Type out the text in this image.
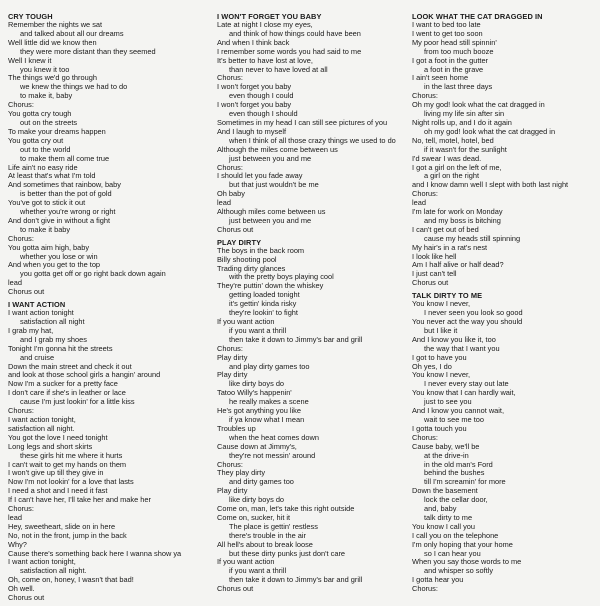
CRY TOUGH
Remember the nights we sat
and talked about all our dreams
Well little did we know then
they were more distant than they seemed
Well I knew it
you knew it too
The things we'd go through
we knew the things we had to do
to make it, baby
Chorus:
You gotta cry tough
out on the streets
To make your dreams happen
You gotta cry out
out to the world
to make them all come true
Life ain't no easy ride
At least that's what I'm told
And sometimes that rainbow, baby
is better than the pot of gold
You've got to stick it out
whether you're wrong or right
And don't give in without a fight
to make it baby
Chorus:
You gotta aim high, baby
whether you lose or win
And when you get to the top
you gotta get off or go right back down again
lead
Chorus out
I WANT ACTION
I want action tonight
satisfaction all night
I grab my hat,
and I grab my shoes
Tonight I'm gonna hit the streets
and cruise
Down the main street and check it out
and look at those school girls a hangin' around
Now I'm a sucker for a pretty face
I don't care if she's in leather or lace
cause I'm just lookin' for a little kiss
Chorus:
I want action tonight,
satisfaction all night.
You got the love I need tonight
Long legs and short skirts
these girls hit me where it hurts
I can't wait to get my hands on them
I won't give up till they give in
Now I'm not lookin' for a love that lasts
I need a shot and I need it fast
If I can't have her, I'll take her and make her
Chorus:
lead
Hey, sweetheart, slide on in here
No, not in the front, jump in the back
Why?
Cause there's something back here I wanna show ya
I want action tonight,
satisfaction all night.
Oh, come on, honey, I wasn't that bad!
Oh well.
Chorus out
I WON'T FORGET YOU BABY
Late at night I close my eyes,
and think of how things could have been
And when I think back
I remember some words you had said to me
It's better to have lost at love,
than never to have loved at all
Chorus:
I won't forget you baby
even though I could
I won't forget you baby
even though I should
Sometimes in my head I can still see pictures of you
And I laugh to myself
when I think of all those crazy things we used to do
Although the miles come between us
just between you and me
Chorus:
I should let you fade away
but that just wouldn't be me
Oh baby
lead
Although miles come between us
just between you and me
Chorus out
PLAY DIRTY
The boys in the back room
Billy shooting pool
Trading dirty glances
with the pretty boys playing cool
They're puttin' down the whiskey
getting loaded tonight
it's gettin' kinda risky
they're lookin' to fight
If you want action
if you want a thrill
then take it down to Jimmy's bar and grill
Chorus:
Play dirty
and play dirty games too
Play dirty
like dirty boys do
Tatoo Willy's happenin'
he really makes a scene
He's got anything you like
if ya know what I mean
Troubles up
when the heat comes down
Cause down at Jimmy's,
they're not messin' around
Chorus:
They play dirty
and dirty games too
Play dirty
like dirty boys do
Come on, man, let's take this right outside
Come on, sucker, hit it
The place is gettin' restless
there's trouble in the air
All hell's about to break loose
but these dirty punks just don't care
If you want action
if you want a thrill
then take it down to Jimmy's bar and grill
Chorus out
LOOK WHAT THE CAT DRAGGED IN
I want to bed too late
I went to get too soon
My poor head still spinnin'
from too much booze
I got a foot in the gutter
a foot in the grave
I ain't seen home
in the last three days
Chorus:
Oh my god! look what the cat dragged in
living my life sin after sin
Night rolls up, and I do it again
oh my god! look what the cat dragged in
No, tell, motel, hotel, bed
if it wasn't for the sunlight
I'd swear I was dead.
I got a girl on the left of me,
a girl on the right
and I know damn well I slept with both last night
Chorus:
lead
I'm late for work on Monday
and my boss is bitching
I can't get out of bed
cause my heads still spinning
My hair's in a rat's nest
I look like hell
Am I half alive or half dead?
I just can't tell
Chorus out
TALK DIRTY TO ME
You know I never,
I never seen you look so good
You never act the way you should
but I like it
And I know you like it, too
the way that I want you
I got to have you
Oh yes, I do
You know I never,
I never every stay out late
You know that I can hardly wait,
just to see you
And I know you cannot wait,
wait to see me too
I gotta touch you
Chorus:
Cause baby, we'll be
at the drive-in
in the old man's Ford
behind the bushes
till I'm screamin' for more
Down the basement
lock the cellar door,
and, baby
talk dirty to me
You know I call you
I call you on the telephone
I'm only hoping that your home
so I can hear you
When you say those words to me
and whisper so softly
I gotta hear you
Chorus:
